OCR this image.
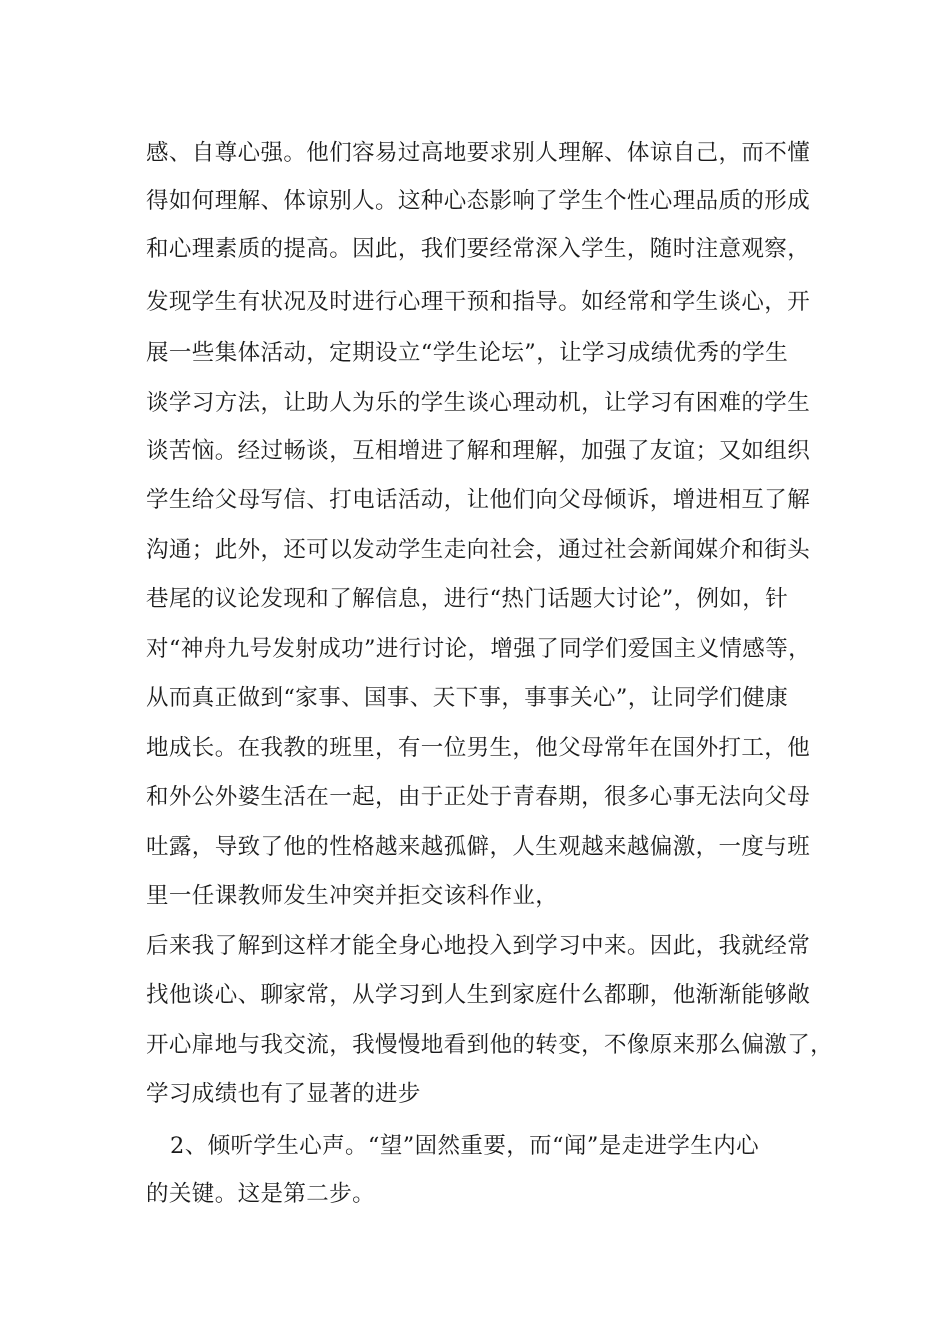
感、自尊心强。他们容易过高地要求别人理解、体谅自己，而不懂
得如何理解、体谅别人。这种心态影响了学生个性心理品质的形成
和心理素质的提高。因此，我们要经常深入学生，随时注意观察，
发现学生有状况及时进行心理干预和指导。如经常和学生谈心，开
展一些集体活动，定期设立“学生论坛”，让学习成绩优秀的学生
谈学习方法，让助人为乐的学生谈心理动机，让学习有困难的学生
谈苦恼。经过畅谈，互相增进了解和理解，加强了友谊；又如组织
学生给父母写信、打电话活动，让他们向父母倾诉，增进相互了解
沟通；此外，还可以发动学生走向社会，通过社会新闻媒介和街头
巷尾的议论发现和了解信息，进行“热门话题大讨论”，例如，针
对“神舟九号发射成功”进行讨论，增强了同学们爱国主义情感等，
从而真正做到“家事、国事、天下事，事事关心”，让同学们健康
地成长。在我教的班里，有一位男生，他父母常年在国外打工，他
和外公外婆生活在一起，由于正处于青春期，很多心事无法向父母
吐露，导致了他的性格越来越孤僻，人生观越来越偏激，一度与班
里一任课教师发生冲突并拒交该科作业，
后来我了解到这样才能全身心地投入到学习中来。因此，我就经常
找他谈心、聊家常，从学习到人生到家庭什么都聊，他渐渐能够敞
开心扉地与我交流，我慢慢地看到他的转变，不像原来那么偏激了，
学习成绩也有了显著的进步
2、倾听学生心声。“望”固然重要，而“闻”是走进学生内心
的关键。这是第二步。
